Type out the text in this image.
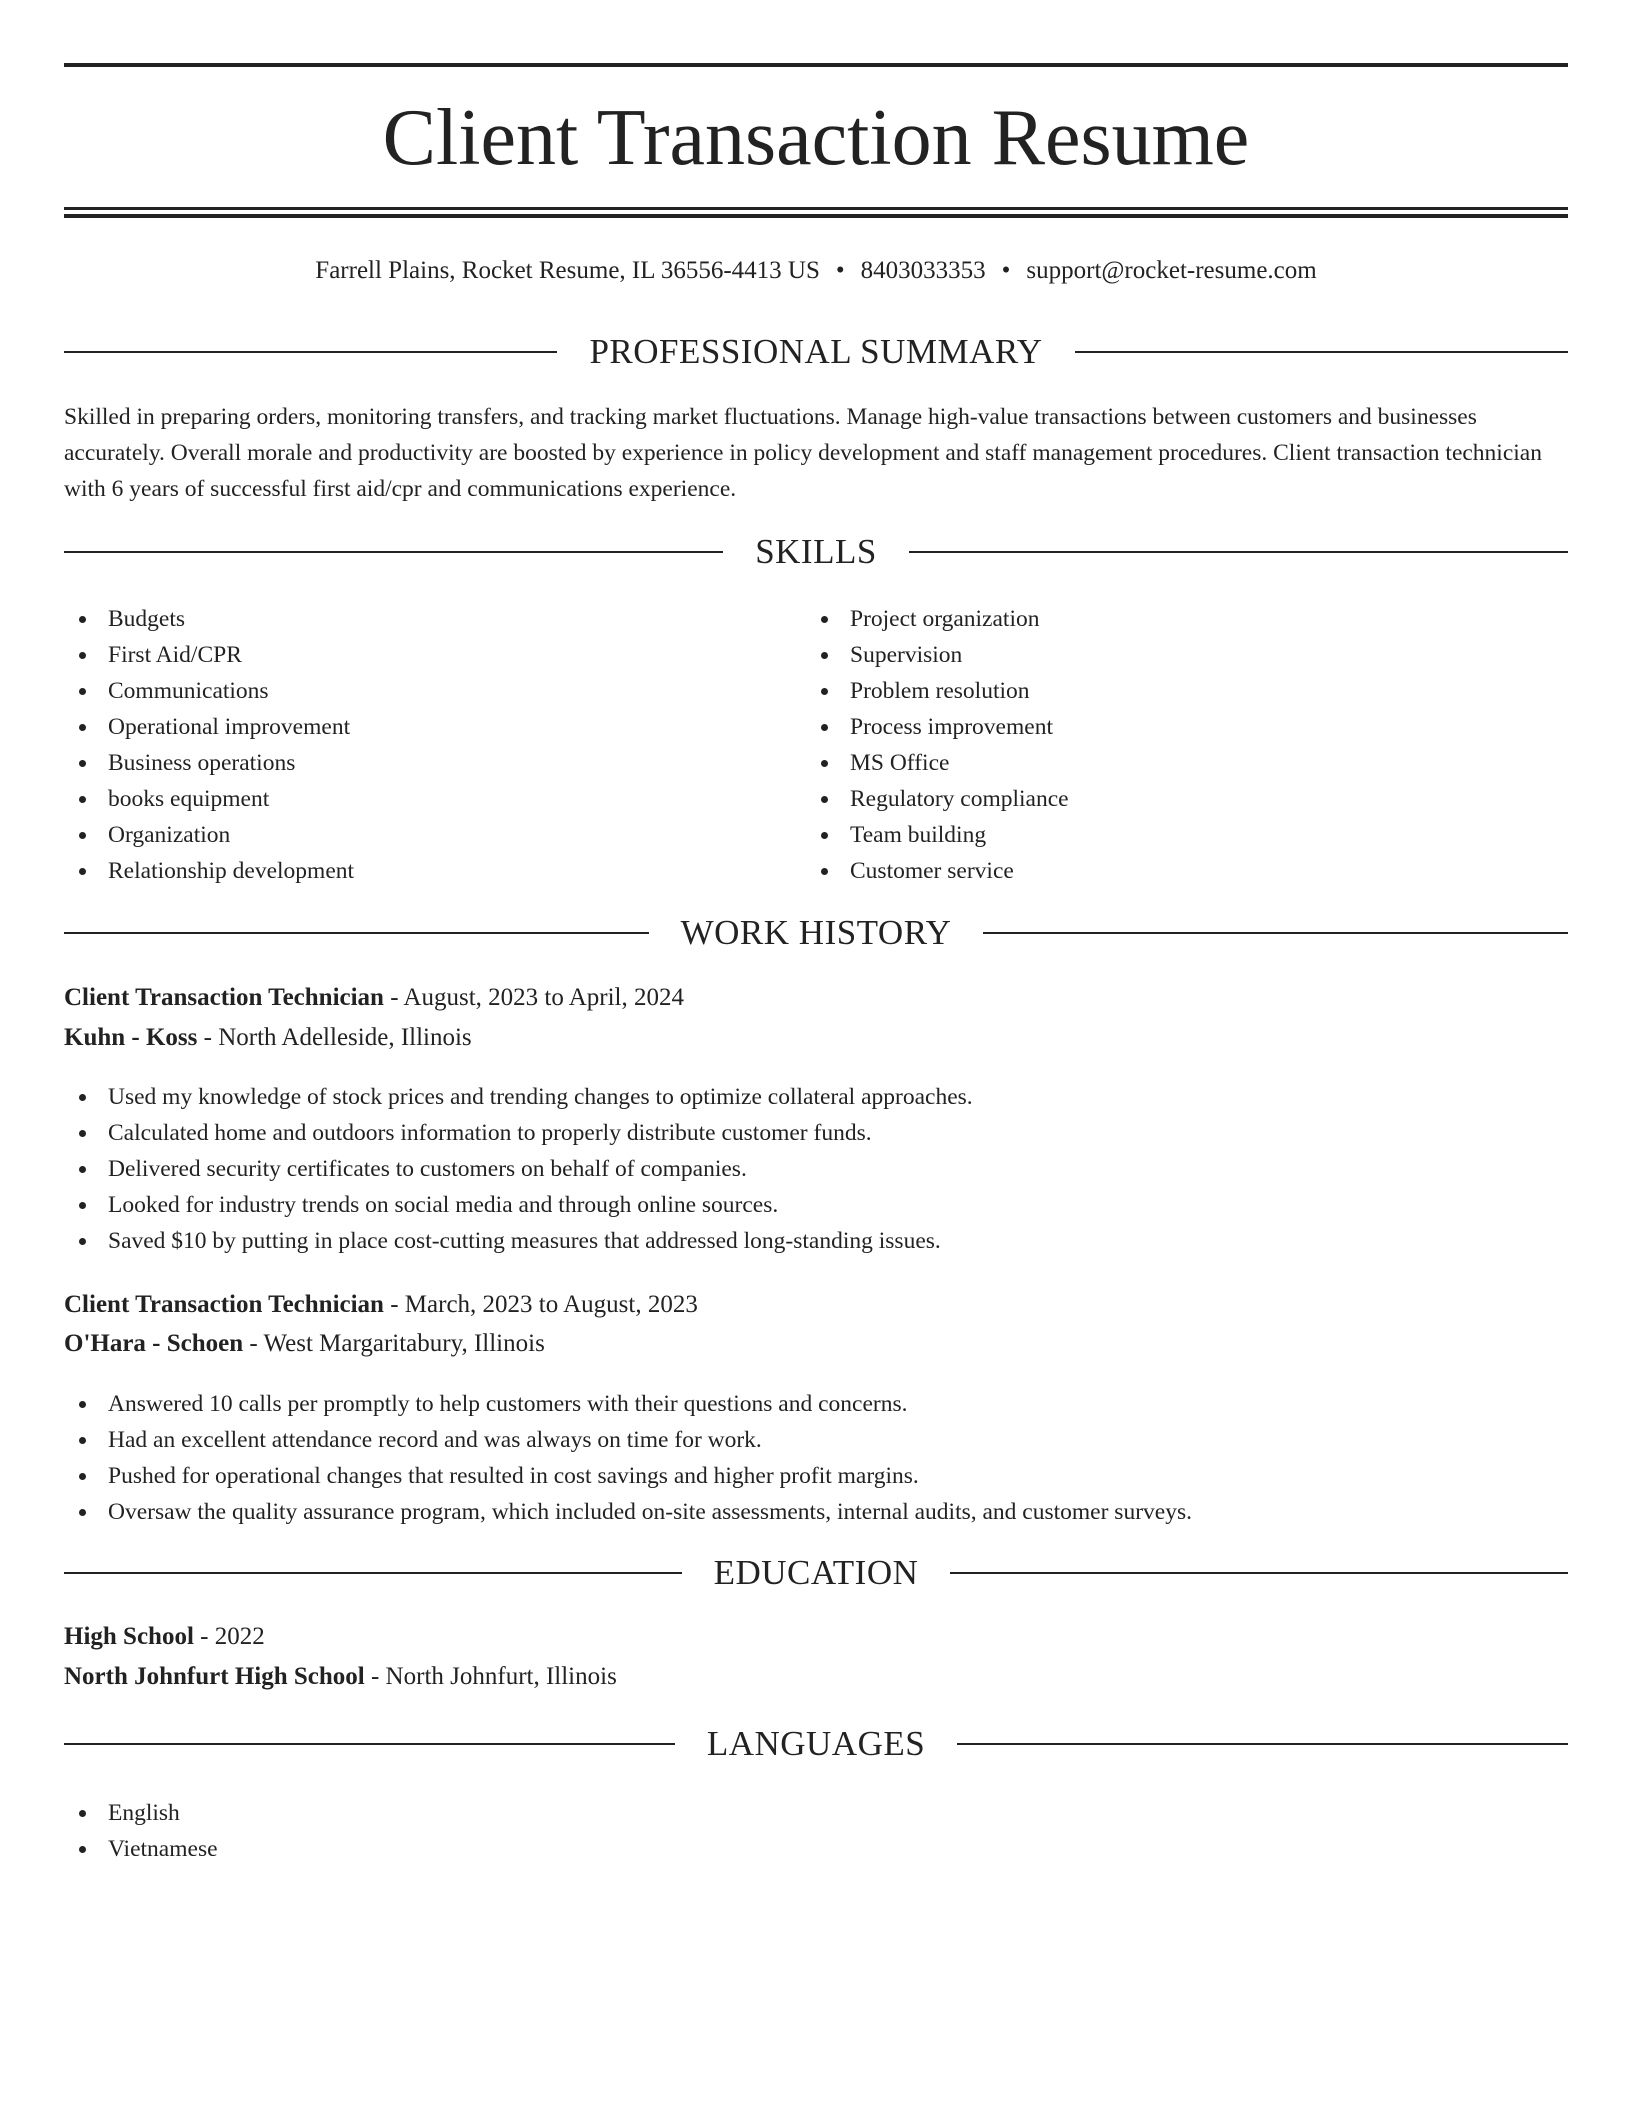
Client Transaction Resume
Farrell Plains, Rocket Resume, IL 36556-4413 US • 8403033353 • support@rocket-resume.com
PROFESSIONAL SUMMARY

Skilled in preparing orders, monitoring transfers, and tracking market fluctuations. Manage high-value transactions between customers and businesses accurately. Overall morale and productivity are boosted by experience in policy development and staff management procedures. Client transaction technician with 6 years of successful first aid/cpr and communications experience.

SKILLS
Budgets
First Aid/CPR
Communications
Operational improvement
Business operations
books equipment
Organization
Relationship development
Project organization
Supervision
Problem resolution
Process improvement
MS Office
Regulatory compliance
Team building
Customer service
WORK HISTORY
Client Transaction Technician - August, 2023 to April, 2024
Kuhn - Koss - North Adelleside, Illinois
Used my knowledge of stock prices and trending changes to optimize collateral approaches.
Calculated home and outdoors information to properly distribute customer funds.
Delivered security certificates to customers on behalf of companies.
Looked for industry trends on social media and through online sources.
Saved $10 by putting in place cost-cutting measures that addressed long-standing issues.
Client Transaction Technician - March, 2023 to August, 2023
O'Hara - Schoen - West Margaritabury, Illinois
Answered 10 calls per promptly to help customers with their questions and concerns.
Had an excellent attendance record and was always on time for work.
Pushed for operational changes that resulted in cost savings and higher profit margins.
Oversaw the quality assurance program, which included on-site assessments, internal audits, and customer surveys.
EDUCATION
High School - 2022
North Johnfurt High School - North Johnfurt, Illinois
LANGUAGES
English
Vietnamese
